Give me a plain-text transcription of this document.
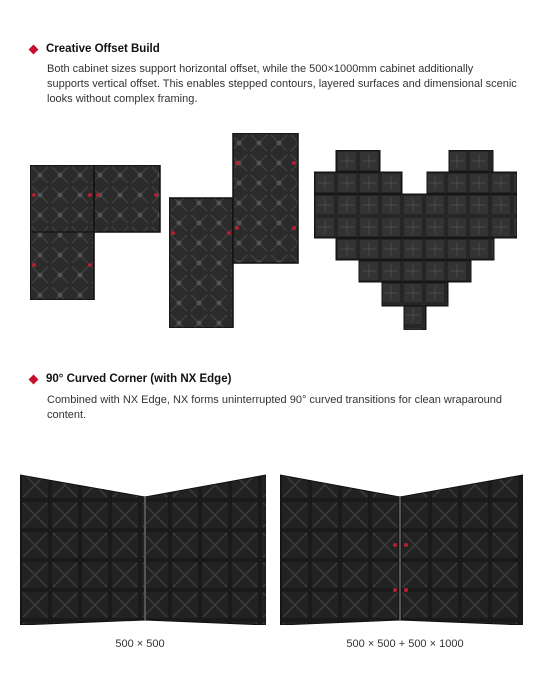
Creative Offset Build
Both cabinet sizes support horizontal offset, while the 500×1000mm cabinet additionally supports vertical offset. This enables stepped contours, layered surfaces and dimensional scenic looks without complex framing.
90° Curved Corner (with NX Edge)
Combined with NX Edge, NX forms uninterrupted 90° curved transitions for clean wraparound content.
500 × 500	500 × 500 + 500 × 1000
